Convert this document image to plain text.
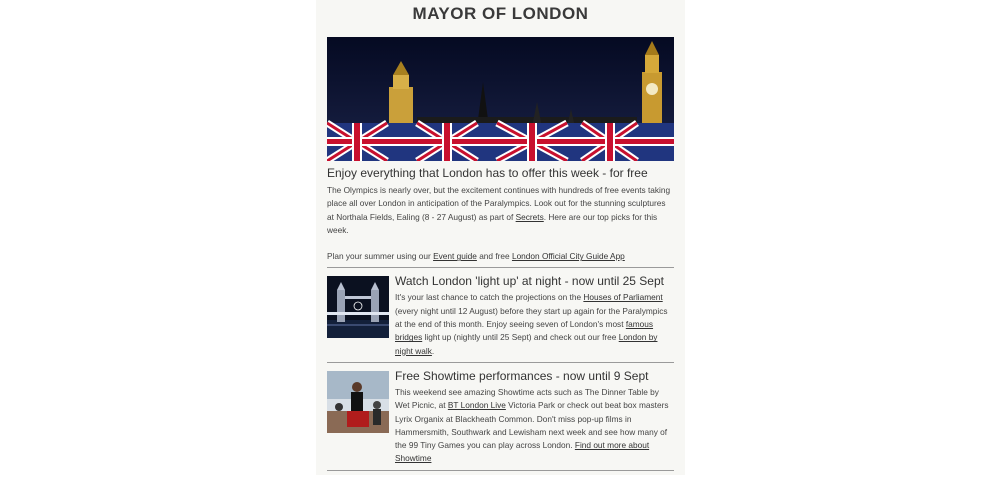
MAYOR OF LONDON
Enjoy everything that London has to offer this week - for free

The Olympics is nearly over, but the excitement continues with hundreds of free events taking place all over London in anticipation of the Paralympics. Look out for the stunning sculptures at Northala Fields, Ealing (8 - 27 August) as part of Secrets. Here are our top picks for this week.

Plan your summer using our Event guide and free London Official City Guide App

Watch London 'light up' at night - now until 25 Sept

It's your last chance to catch the projections on the Houses of Parliament (every night until 12 August) before they start up again for the Paralympics at the end of this month. Enjoy seeing seven of London's most famous bridges light up (nightly until 25 Sept) and check out our free London by night walk.

Free Showtime performances - now until 9 Sept

This weekend see amazing Showtime acts such as The Dinner Table by Wet Picnic, at BT London Live Victoria Park or check out beat box masters Lyrix Organix at Blackheath Common. Don't miss pop-up films in Hammersmith, Southwark and Lewisham next week and see how many of the 99 Tiny Games you can play across London. Find out more about Showtime
